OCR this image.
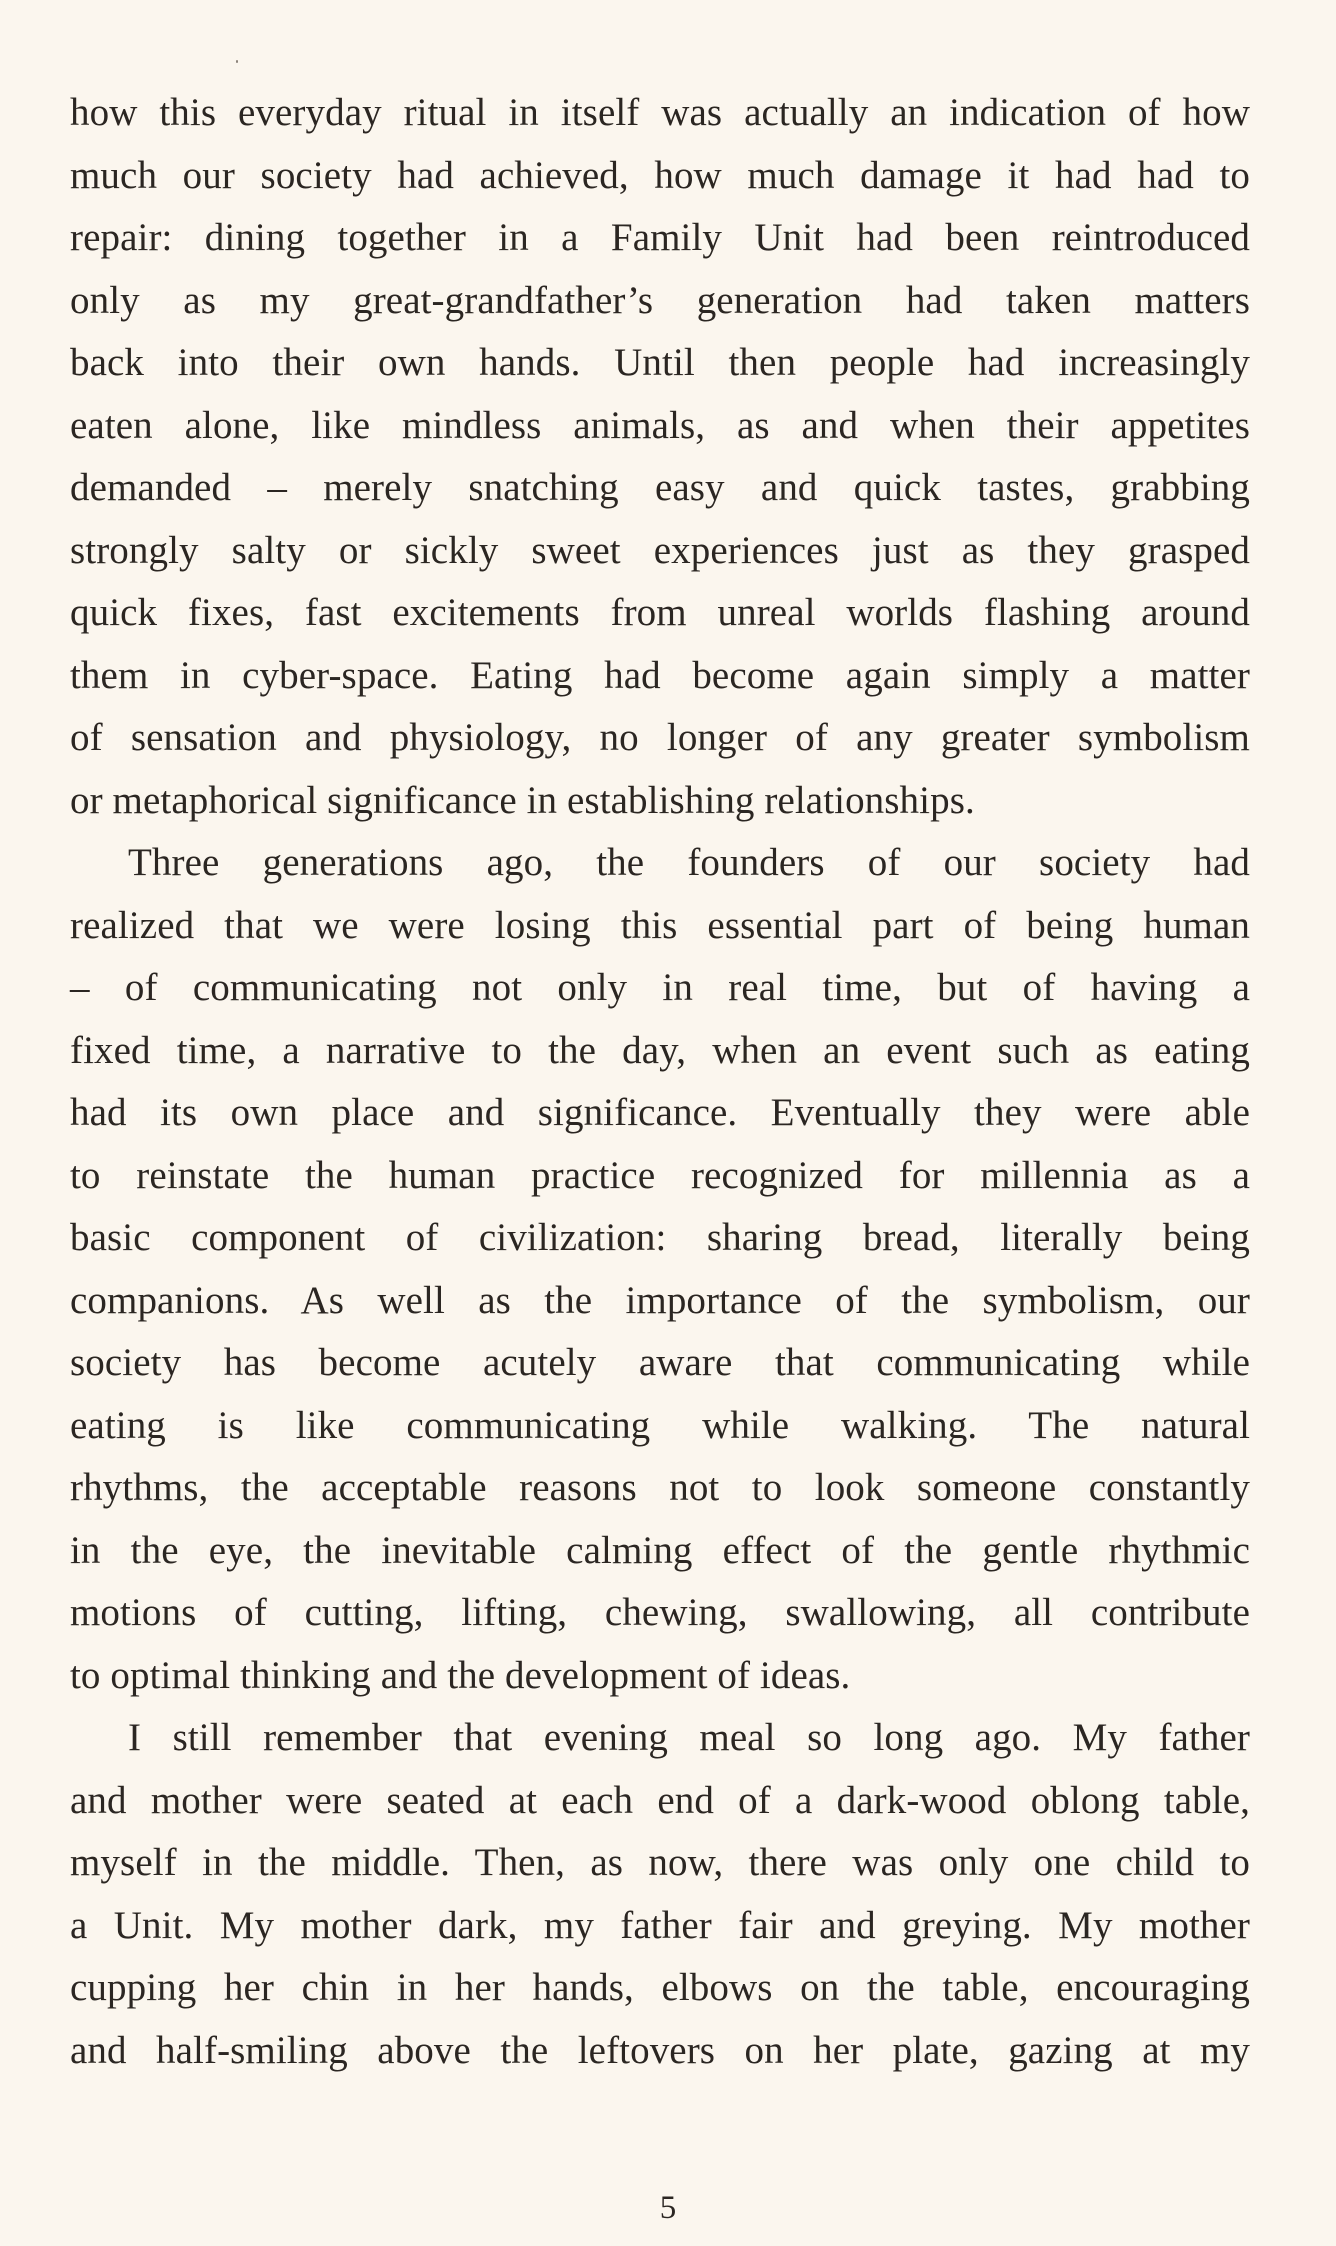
how this everyday ritual in itself was actually an indication of how
much our society had achieved, how much damage it had had to
repair: dining together in a Family Unit had been reintroduced
only as my great-grandfather’s generation had taken matters
back into their own hands. Until then people had increasingly
eaten alone, like mindless animals, as and when their appetites
demanded – merely snatching easy and quick tastes, grabbing
strongly salty or sickly sweet experiences just as they grasped
quick fixes, fast excitements from unreal worlds flashing around
them in cyber-space. Eating had become again simply a matter
of sensation and physiology, no longer of any greater symbolism
or metaphorical significance in establishing relationships.
Three generations ago, the founders of our society had
realized that we were losing this essential part of being human
– of communicating not only in real time, but of having a
fixed time, a narrative to the day, when an event such as eating
had its own place and significance. Eventually they were able
to reinstate the human practice recognized for millennia as a
basic component of civilization: sharing bread, literally being
companions. As well as the importance of the symbolism, our
society has become acutely aware that communicating while
eating is like communicating while walking. The natural
rhythms, the acceptable reasons not to look someone constantly
in the eye, the inevitable calming effect of the gentle rhythmic
motions of cutting, lifting, chewing, swallowing, all contribute
to optimal thinking and the development of ideas.
I still remember that evening meal so long ago. My father
and mother were seated at each end of a dark-wood oblong table,
myself in the middle. Then, as now, there was only one child to
a Unit. My mother dark, my father fair and greying. My mother
cupping her chin in her hands, elbows on the table, encouraging
and half-smiling above the leftovers on her plate, gazing at my
5
